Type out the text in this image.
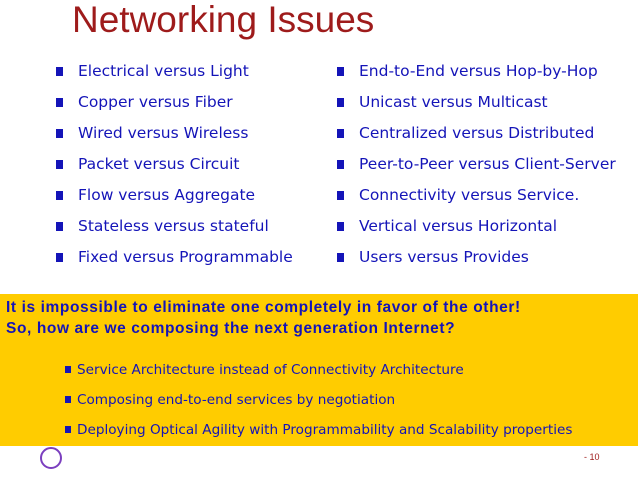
Networking Issues
Electrical versus Light
Copper versus Fiber
Wired versus Wireless
Packet versus Circuit
Flow versus Aggregate
Stateless versus stateful
Fixed versus Programmable
End-to-End versus Hop-by-Hop
Unicast versus Multicast
Centralized versus Distributed
Peer-to-Peer versus Client-Server
Connectivity versus Service.
Vertical versus Horizontal
Users versus Provides
It is impossible to eliminate one completely in favor of the other!
So, how are we composing the next generation Internet?
Service Architecture instead of Connectivity Architecture
Composing end-to-end services by negotiation
Deploying Optical Agility with Programmability and Scalability properties
- 10
